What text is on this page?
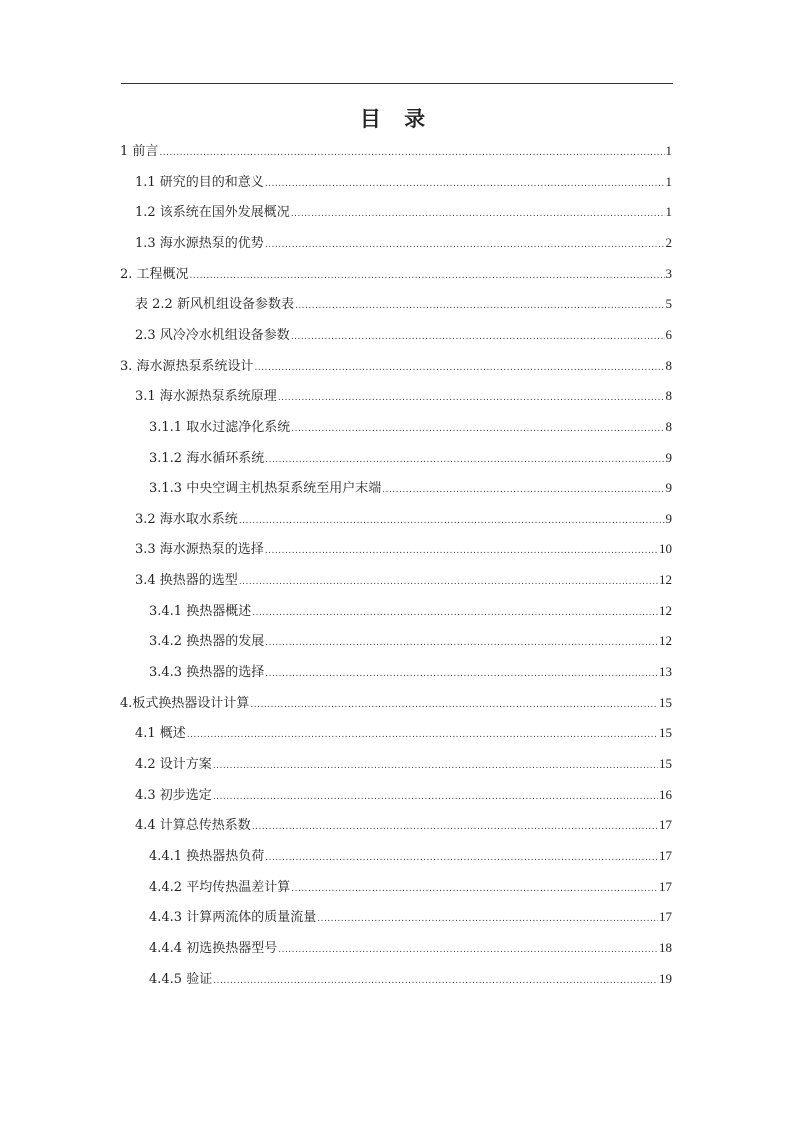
目 录
1 前言 .....	1
1.1 研究的目的和意义 .....	1
1.2 该系统在国外发展概况 .....	1
1.3 海水源热泵的优势 .....	2
2. 工程概况 .....	3
表 2.2 新风机组设备参数表 .....	5
2.3 风冷冷水机组设备参数 .....	6
3. 海水源热泵系统设计 .....	8
3.1 海水源热泵系统原理 .....	8
3.1.1 取水过滤净化系统 .....	8
3.1.2 海水循环系统 .....	9
3.1.3 中央空调主机热泵系统至用户末端 .....	9
3.2 海水取水系统 .....	9
3.3 海水源热泵的选择 .....	10
3.4 换热器的选型 .....	12
3.4.1 换热器概述 .....	12
3.4.2 换热器的发展 .....	12
3.4.3 换热器的选择 .....	13
4.板式换热器设计计算 .....	15
4.1 概述 .....	15
4.2 设计方案 .....	15
4.3 初步选定 .....	16
4.4 计算总传热系数 .....	17
4.4.1 换热器热负荷 .....	17
4.4.2 平均传热温差计算 .....	17
4.4.3 计算两流体的质量流量 .....	17
4.4.4 初选换热器型号 .....	18
4.4.5 验证 .....	19
